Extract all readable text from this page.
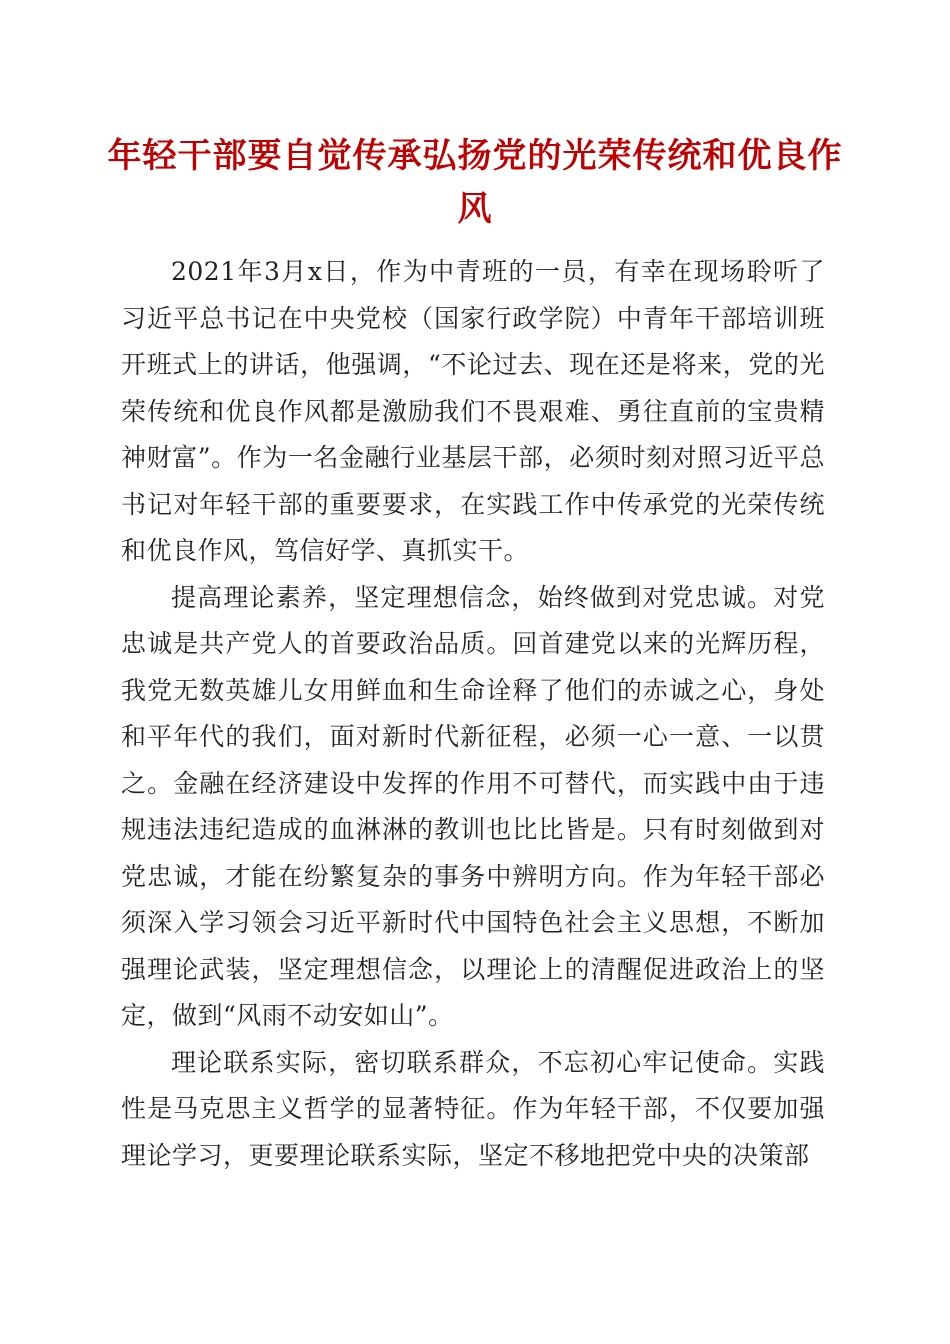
年轻干部要自觉传承弘扬党的光荣传统和优良作风

2021年3月x日，作为中青班的一员，有幸在现场聆听了习近平总书记在中央党校（国家行政学院）中青年干部培训班开班式上的讲话，他强调，“不论过去、现在还是将来，党的光荣传统和优良作风都是激励我们不畏艰难、勇往直前的宝贵精神财富”。作为一名金融行业基层干部，必须时刻对照习近平总书记对年轻干部的重要要求，在实践工作中传承党的光荣传统和优良作风，笃信好学、真抓实干。

提高理论素养，坚定理想信念，始终做到对党忠诚。对党忠诚是共产党人的首要政治品质。回首建党以来的光辉历程，我党无数英雄儿女用鲜血和生命诠释了他们的赤诚之心，身处和平年代的我们，面对新时代新征程，必须一心一意、一以贯之。金融在经济建设中发挥的作用不可替代，而实践中由于违规违法违纪造成的血淋淋的教训也比比皆是。只有时刻做到对党忠诚，才能在纷繁复杂的事务中辨明方向。作为年轻干部必须深入学习领会习近平新时代中国特色社会主义思想，不断加强理论武装，坚定理想信念，以理论上的清醒促进政治上的坚定，做到“风雨不动安如山”。

理论联系实际，密切联系群众，不忘初心牢记使命。实践性是马克思主义哲学的显著特征。作为年轻干部，不仅要加强理论学习，更要理论联系实际，坚定不移地把党中央的决策部
